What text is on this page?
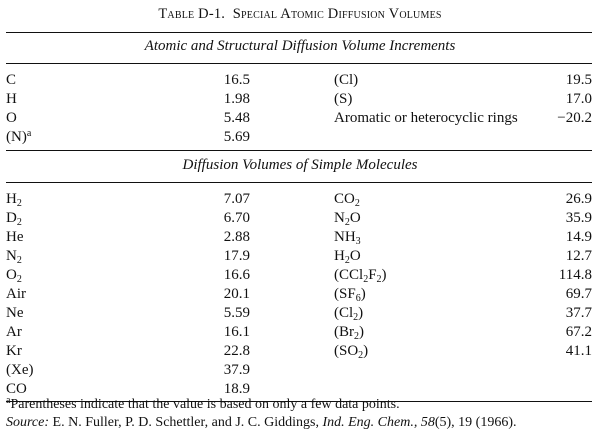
Table D-1. Special Atomic Diffusion Volumes
Atomic and Structural Diffusion Volume Increments
C	16.5		(Cl)	19.5
H	1.98		(S)	17.0
O	5.48		Aromatic or heterocyclic rings	−20.2
$(N)^a$	5.69			
Diffusion Volumes of Simple Molecules
$H_2$	7.07		$CO_2$	26.9
$D_2$	6.70		$N_2O$	35.9
He	2.88		$NH_3$	14.9
$N_2$	17.9		$H_2O$	12.7
$O_2$	16.6		$(CCl_2F_2)$	114.8
Air	20.1		$(SF_6)$	69.7
Ne	5.59		$(Cl_2)$	37.7
Ar	16.1		$(Br_2)$	67.2
Kr	22.8		$(SO_2)$	41.1
(Xe)	37.9			
CO	18.9			
$^a$Parentheses indicate that the value is based on only a few data points.
Source: E. N. Fuller, P. D. Schettler, and J. C. Giddings, Ind. Eng. Chem., 58(5), 19 (1966).
